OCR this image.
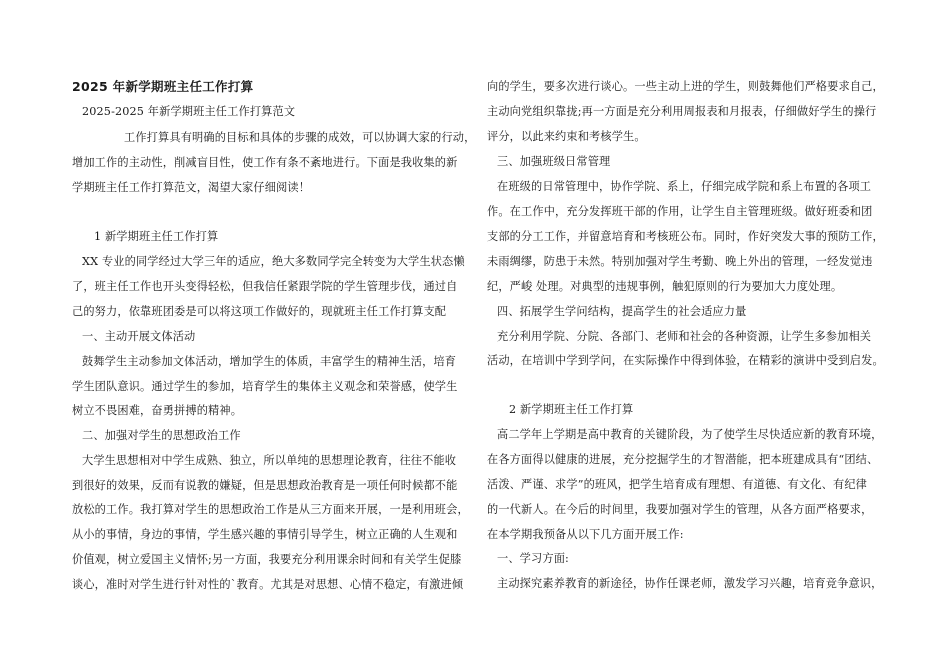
2025 年新学期班主任工作打算
2025-2025 年新学期班主任工作打算范文
工作打算具有明确的目标和具体的步骤的成效，可以协调大家的行动，
增加工作的主动性，削减盲目性，使工作有条不紊地进行。下面是我收集的新
学期班主任工作打算范文，渴望大家仔细阅读！
1 新学期班主任工作打算
XX 专业的同学经过大学三年的适应，绝大多数同学完全转变为大学生状态懒
了，班主任工作也开头变得轻松，但我信任紧跟学院的学生管理步伐，通过自
己的努力，依靠班团委是可以将这项工作做好的，现就班主任工作打算支配
一、主动开展文体活动
鼓舞学生主动参加文体活动，增加学生的体质，丰富学生的精神生活，培育
学生团队意识。通过学生的参加，培育学生的集体主义观念和荣誉感，使学生
树立不畏困难，奋勇拼搏的精神。
二、加强对学生的思想政治工作
大学生思想相对中学生成熟、独立，所以单纯的思想理论教育，往往不能收
到很好的效果，反而有说教的嫌疑，但是思想政治教育是一项任何时候都不能
放松的工作。我打算对学生的思想政治工作是从三方面来开展，一是利用班会，
从小的事情，身边的事情，学生感兴趣的事情引导学生，树立正确的人生观和
价值观，树立爱国主义情怀;另一方面，我要充分利用课余时间和有关学生促膝
谈心，准时对学生进行针对性的`教育。尤其是对思想、心情不稳定，有激进倾
向的学生，要多次进行谈心。一些主动上进的学生，则鼓舞他们严格要求自己，
主动向党组织靠拢;再一方面是充分利用周报表和月报表，仔细做好学生的操行
评分，以此来约束和考核学生。
三、加强班级日常管理
在班级的日常管理中，协作学院、系上，仔细完成学院和系上布置的各项工
作。在工作中，充分发挥班干部的作用，让学生自主管理班级。做好班委和团
支部的分工工作，并留意培育和考核班公布。同时，作好突发大事的预防工作，
未雨绸缪，防患于未然。特别加强对学生考勤、晚上外出的管理，一经发觉违
纪，严峻 处理。对典型的违规事例，触犯原则的行为要加大力度处理。
四、拓展学生学问结构，提高学生的社会适应力量
充分利用学院、分院、各部门、老师和社会的各种资源，让学生多参加相关
活动，在培训中学到学问，在实际操作中得到体验，在精彩的演讲中受到启发。
2 新学期班主任工作打算
高二学年上学期是高中教育的关键阶段，为了使学生尽快适应新的教育环境，
在各方面得以健康的进展，充分挖掘学生的才智潜能，把本班建成具有“团结、
活泼、严谨、求学”的班风，把学生培育成有理想、有道德、有文化、有纪律
的一代新人。在今后的时间里，我要加强对学生的管理，从各方面严格要求，
在本学期我预备从以下几方面开展工作:
一、学习方面:
主动探究素养教育的新途径，协作任课老师，激发学习兴趣，培育竞争意识，
